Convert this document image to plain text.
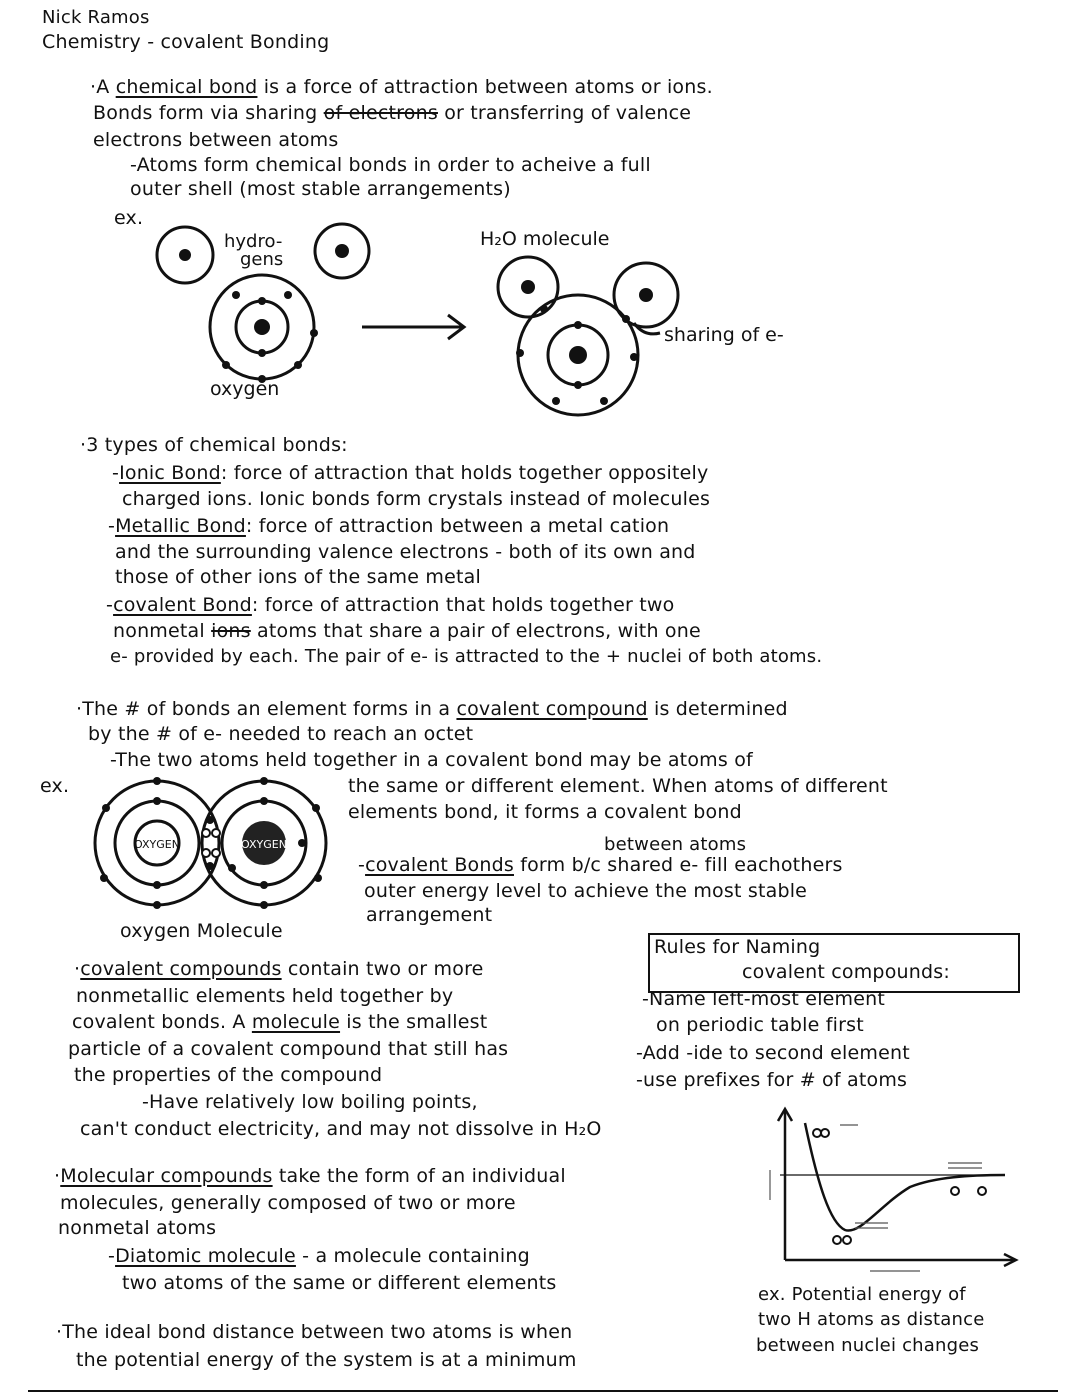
Nick Ramos
Chemistry - covalent Bonding
·A chemical bond is a force of attraction between atoms or ions.
Bonds form via sharing of electrons or transferring of valence
electrons between atoms
-Atoms form chemical bonds in order to acheive a full
outer shell (most stable arrangements)
ex.
hydro-
gens
oxygen
H₂O molecule
sharing of e-
·3 types of chemical bonds:
-Ionic Bond: force of attraction that holds together oppositely
charged ions. Ionic bonds form crystals instead of molecules
-Metallic Bond: force of attraction between a metal cation
and the surrounding valence electrons - both of its own and
those of other ions of the same metal
-covalent Bond: force of attraction that holds together two
nonmetal ions atoms that share a pair of electrons, with one
e- provided by each. The pair of e- is attracted to the + nuclei of both atoms.
·The # of bonds an element forms in a covalent compound is determined
by the # of e- needed to reach an octet
-The two atoms held together in a covalent bond may be atoms of
ex.	the same or different element. When atoms of different
elements bond, it forms a covalent bond
between atoms
-covalent Bonds form b/c shared e- fill eachothers
outer energy level to achieve the most stable
arrangement
OXYGEN	OXYGEN
oxygen Molecule
Rules for Naming
covalent compounds:
-Name left-most element
on periodic table first
-Add -ide to second element
-use prefixes for # of atoms
·covalent compounds contain two or more
nonmetallic elements held together by
covalent bonds. A molecule is the smallest
particle of a covalent compound that still has
the properties of the compound
-Have relatively low boiling points,
can't conduct electricity, and may not dissolve in H₂O
·Molecular compounds take the form of an individual
molecules, generally composed of two or more
nonmetal atoms
-Diatomic molecule - a molecule containing
two atoms of the same or different elements
·The ideal bond distance between two atoms is when
the potential energy of the system is at a minimum
ex. Potential energy of
two H atoms as distance
between nuclei changes
